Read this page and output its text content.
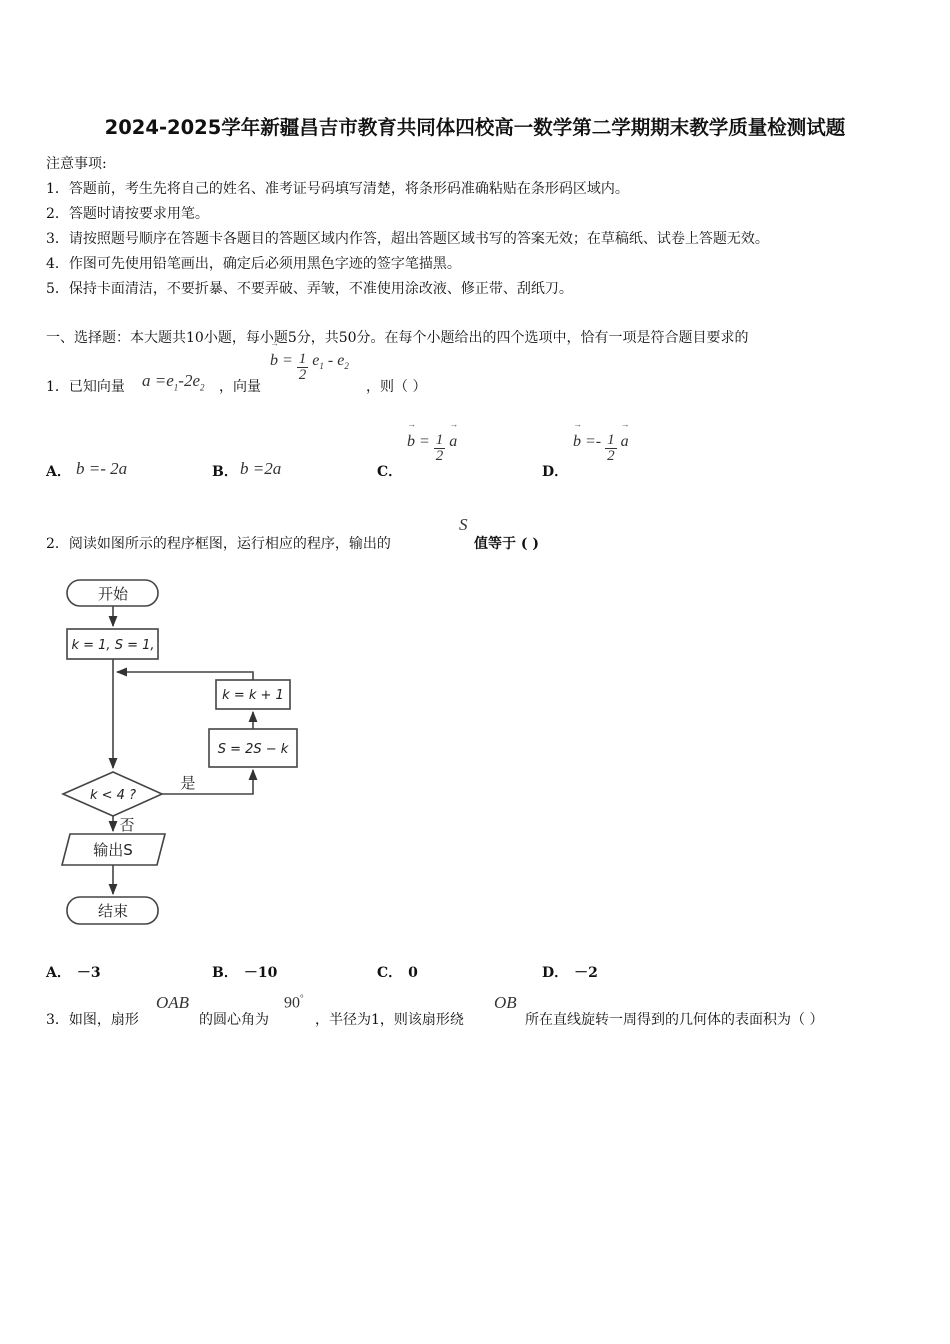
2024-2025学年新疆昌吉市教育共同体四校高一数学第二学期期末教学质量检测试题
注意事项:
1．答题前，考生先将自己的姓名、准考证号码填写清楚，将条形码准确粘贴在条形码区域内。
2．答题时请按要求用笔。
3．请按照题号顺序在答题卡各题目的答题区域内作答，超出答题区域书写的答案无效；在草稿纸、试卷上答题无效。
4．作图可先使用铅笔画出，确定后必须用黑色字迹的签字笔描黑。
5．保持卡面清洁，不要折暴、不要弄破、弄皱，不准使用涂改液、修正带、刮纸刀。
一、选择题：本大题共10小题，每小题5分，共50分。在每个小题给出的四个选项中，恰有一项是符合题目要求的
1．已知向量 $a =e_1-2e_2$ ，向量
→ $b = \frac{1}{2} e_1 - e_2$
，则（ ）
A． b =- 2a	B． b =2a	C．
→ $b = \frac{1}{2}$
→ a
D．
→ $b =- \frac{1}{2}$
→ a
2．阅读如图所示的程序框图，运行相应的程序，输出的
S
值等于 ( )
开始
k = 1, S = 1,
k = k + 1
S = 2S − k
k < 4 ?
是
否
输出S
结束
A． －3	B． －10	C． 0	D． －2
3．如图，扇形
OAB
的圆心角为
90°
，半径为1，则该扇形绕
OB
所在直线旋转一周得到的几何体的表面积为（ ）
